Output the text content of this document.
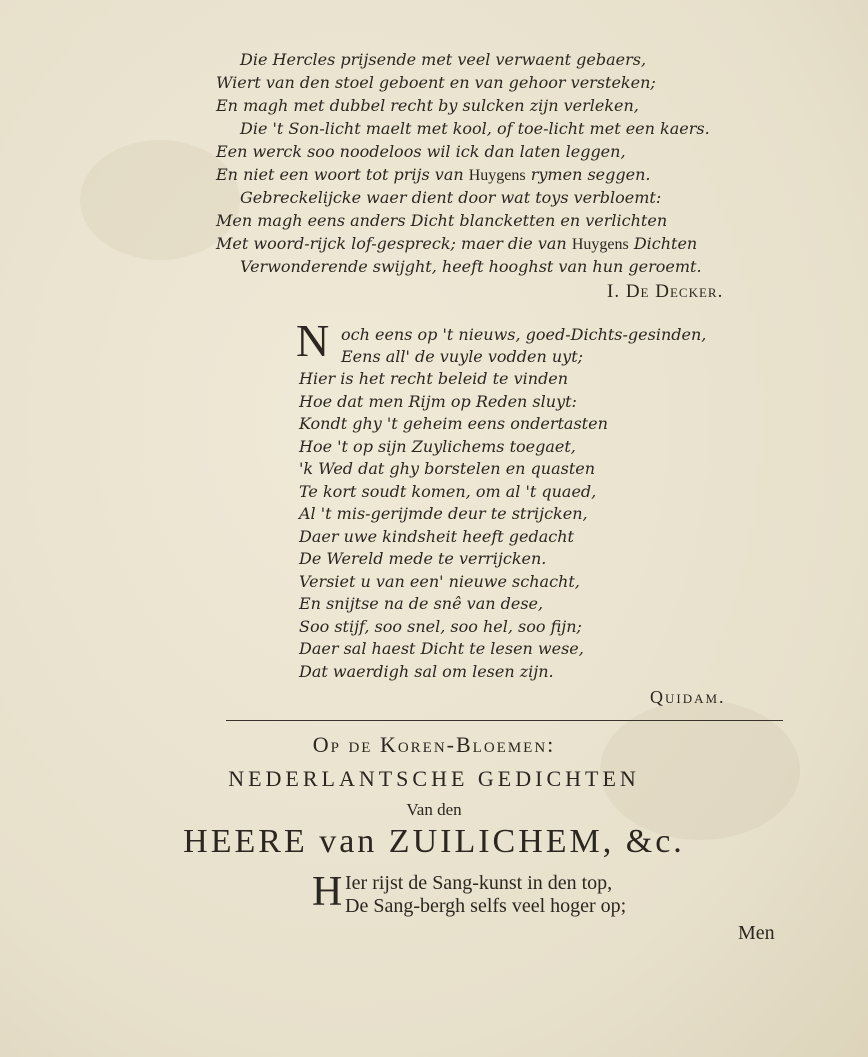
Die Hercles prijsende met veel verwaent gebaers,
Wiert van den stoel geboent en van gehoor versteken;
En magh met dubbel recht by sulcken zijn verleken,
Die 't Son-licht maelt met kool, of toe-licht met een kaers.
Een werck soo noodeloos wil ick dan laten leggen,
En niet een woort tot prijs van Huygens rymen seggen.
Gebreckelijcke waer dient door wat toys verbloemt:
Men magh eens anders Dicht blancketten en verlichten
Met woord-rijck lof-gespreck; maer die van Huygens Dichten
Verwonderende swijght, heeft hooghst van hun geroemt.
I. De Decker.
N och eens op 't nieuws, goed-Dichts-gesinden,
Eens all' de vuyle vodden uyt;
Hier is het recht beleid te vinden
Hoe dat men Rijm op Reden sluyt:
Kondt ghy 't geheim eens ondertasten
Hoe 't op sijn Zuylichems toegaet,
'k Wed dat ghy borstelen en quasten
Te kort soudt komen, om al 't quaed,
Al 't mis-gerijmde deur te strijcken,
Daer uwe kindsheit heeft gedacht
De Wereld mede te verrijcken.
Versiet u van een' nieuwe schacht,
En snijtse na de snê van dese,
Soo stijf, soo snel, soo hel, soo fijn;
Daer sal haest Dicht te lesen wese,
Dat waerdigh sal om lesen zijn.
Quidam.
Op de Koren-Bloemen:
NEDERLANTSCHE GEDICHTEN
Van den
HEERE van ZUILICHEM, &c.
H Ier rijst de Sang-kunst in den top,
De Sang-bergh selfs veel hoger op;
Men
